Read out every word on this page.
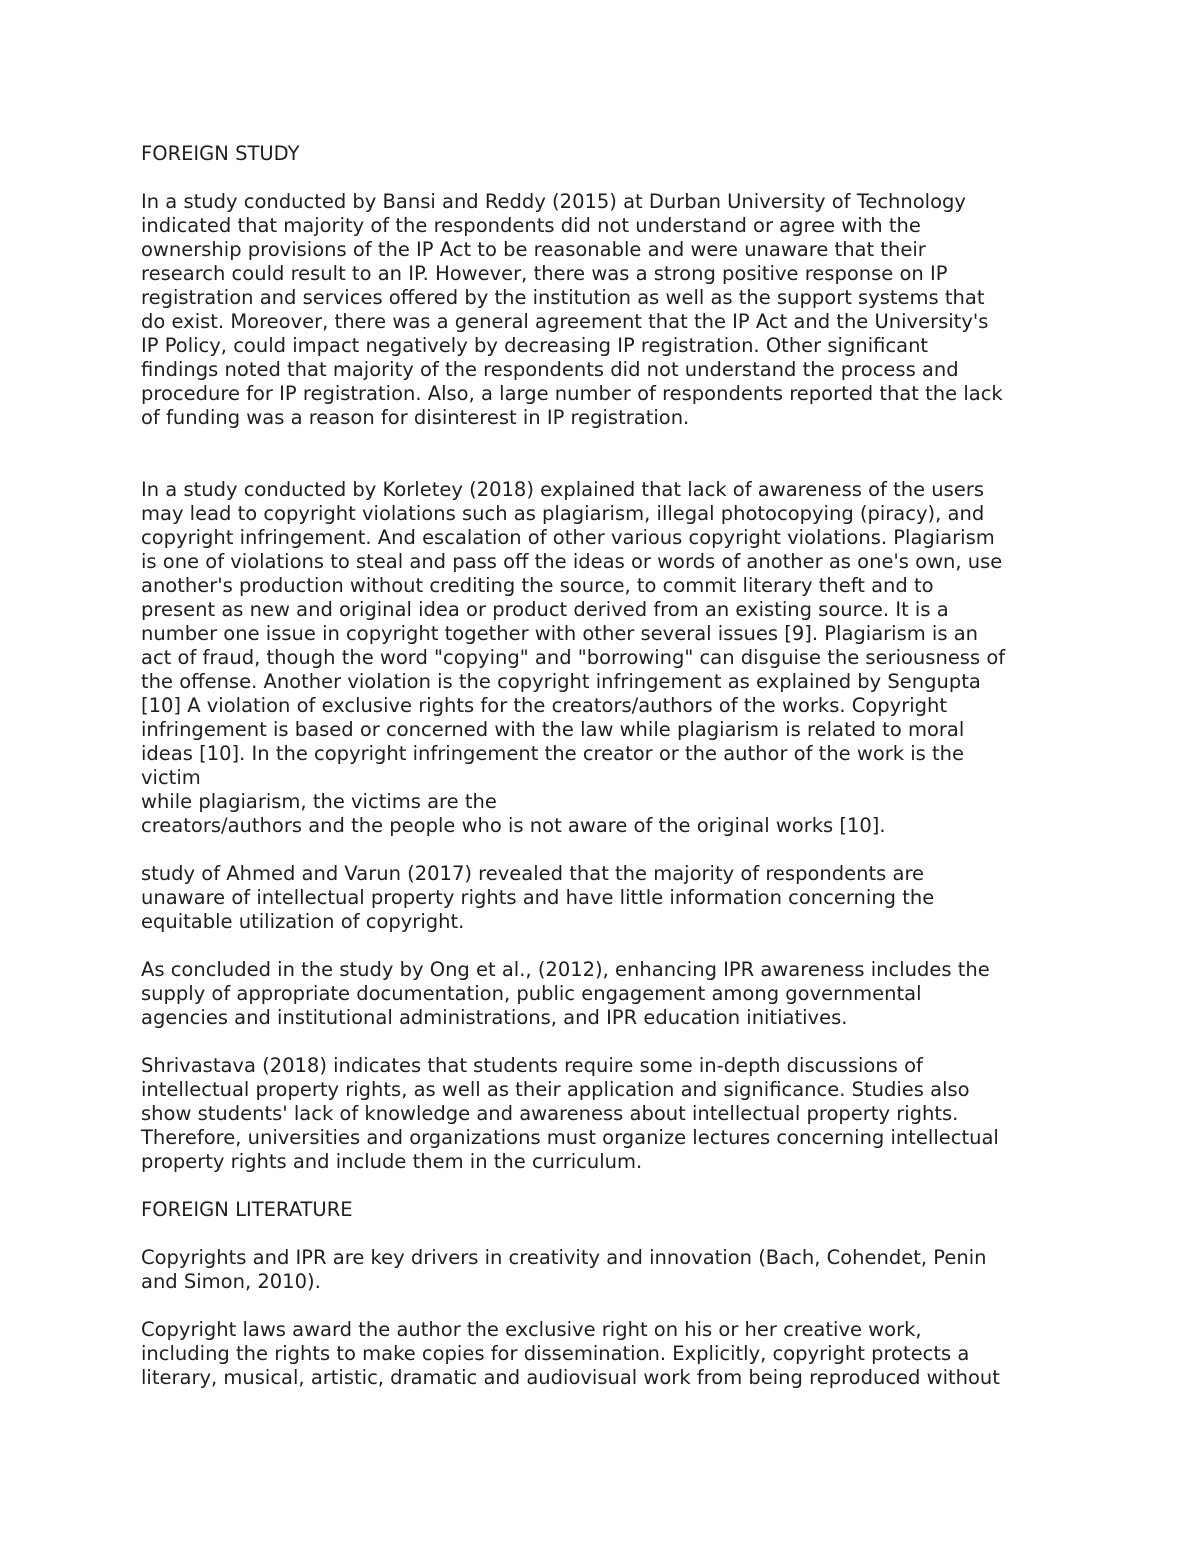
FOREIGN STUDY
In a study conducted by Bansi and Reddy (2015) at Durban University of Technology
indicated that majority of the respondents did not understand or agree with the
ownership provisions of the IP Act to be reasonable and were unaware that their
research could result to an IP. However, there was a strong positive response on IP
registration and services offered by the institution as well as the support systems that
do exist. Moreover, there was a general agreement that the IP Act and the University's
IP Policy, could impact negatively by decreasing IP registration. Other significant
findings noted that majority of the respondents did not understand the process and
procedure for IP registration. Also, a large number of respondents reported that the lack
of funding was a reason for disinterest in IP registration.
In a study conducted by Korletey (2018) explained that lack of awareness of the users
may lead to copyright violations such as plagiarism, illegal photocopying (piracy), and
copyright infringement. And escalation of other various copyright violations. Plagiarism
is one of violations to steal and pass off the ideas or words of another as one's own, use
another's production without crediting the source, to commit literary theft and to
present as new and original idea or product derived from an existing source. It is a
number one issue in copyright together with other several issues [9]. Plagiarism is an
act of fraud, though the word "copying" and "borrowing" can disguise the seriousness of
the offense. Another violation is the copyright infringement as explained by Sengupta
[10] A violation of exclusive rights for the creators/authors of the works. Copyright
infringement is based or concerned with the law while plagiarism is related to moral
ideas [10]. In the copyright infringement the creator or the author of the work is the
victim
while plagiarism, the victims are the
creators/authors and the people who is not aware of the original works [10].
study of Ahmed and Varun (2017) revealed that the majority of respondents are
unaware of intellectual property rights and have little information concerning the
equitable utilization of copyright.
As concluded in the study by Ong et al., (2012), enhancing IPR awareness includes the
supply of appropriate documentation, public engagement among governmental
agencies and institutional administrations, and IPR education initiatives.
Shrivastava (2018) indicates that students require some in-depth discussions of
intellectual property rights, as well as their application and significance. Studies also
show students' lack of knowledge and awareness about intellectual property rights.
Therefore, universities and organizations must organize lectures concerning intellectual
property rights and include them in the curriculum.
FOREIGN LITERATURE
Copyrights and IPR are key drivers in creativity and innovation (Bach, Cohendet, Penin
and Simon, 2010).
Copyright laws award the author the exclusive right on his or her creative work,
including the rights to make copies for dissemination. Explicitly, copyright protects a
literary, musical, artistic, dramatic and audiovisual work from being reproduced without
